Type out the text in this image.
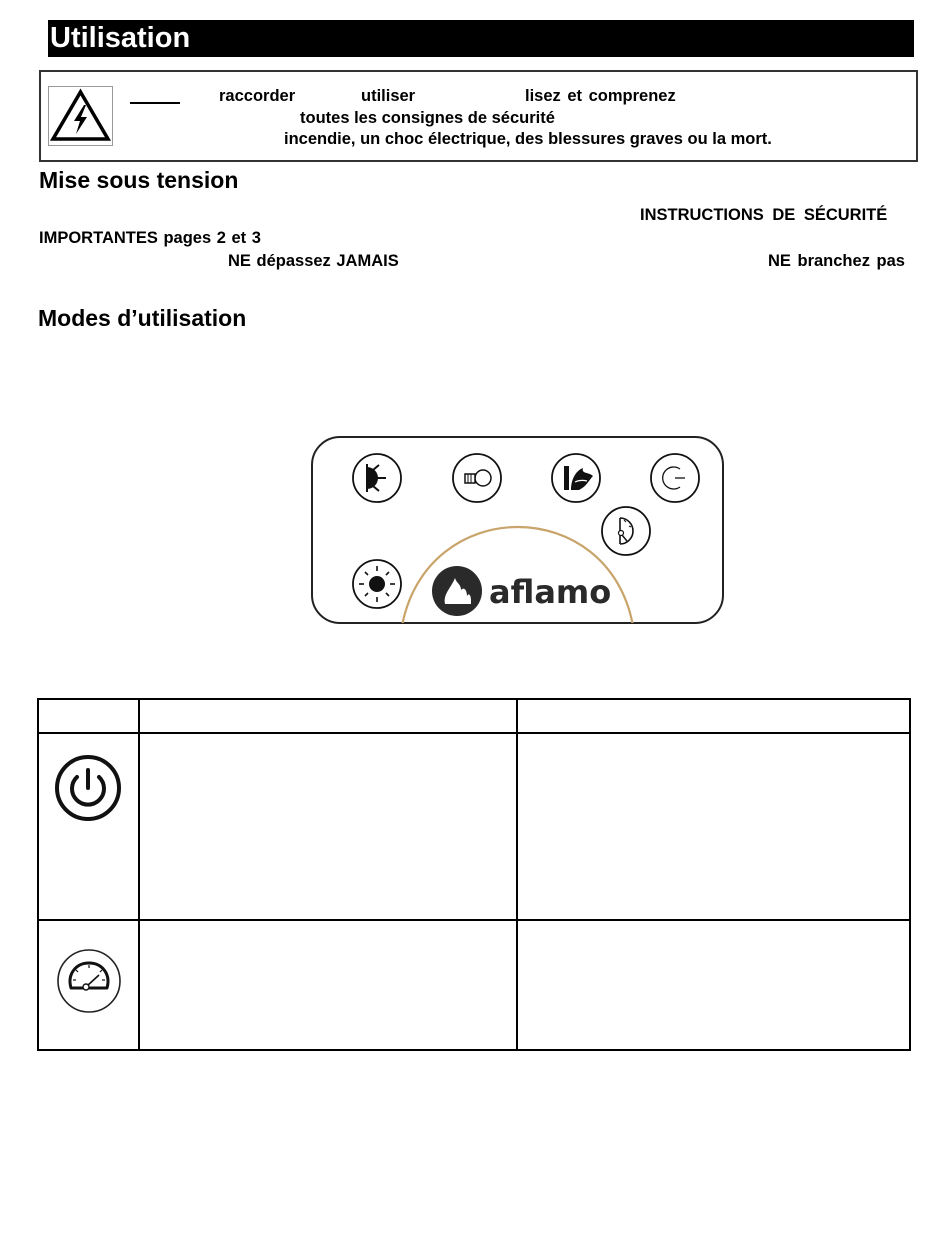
Utilisation
raccorder	utiliser	lisez et comprenez
toutes les consignes de sécurité
incendie, un choc électrique, des blessures graves ou la mort.
Mise sous tension
INSTRUCTIONS DE SÉCURITÉ
IMPORTANTES pages 2 et 3
NE dépassez JAMAIS	NE branchez pas
Modes d’utilisation
aflamo
